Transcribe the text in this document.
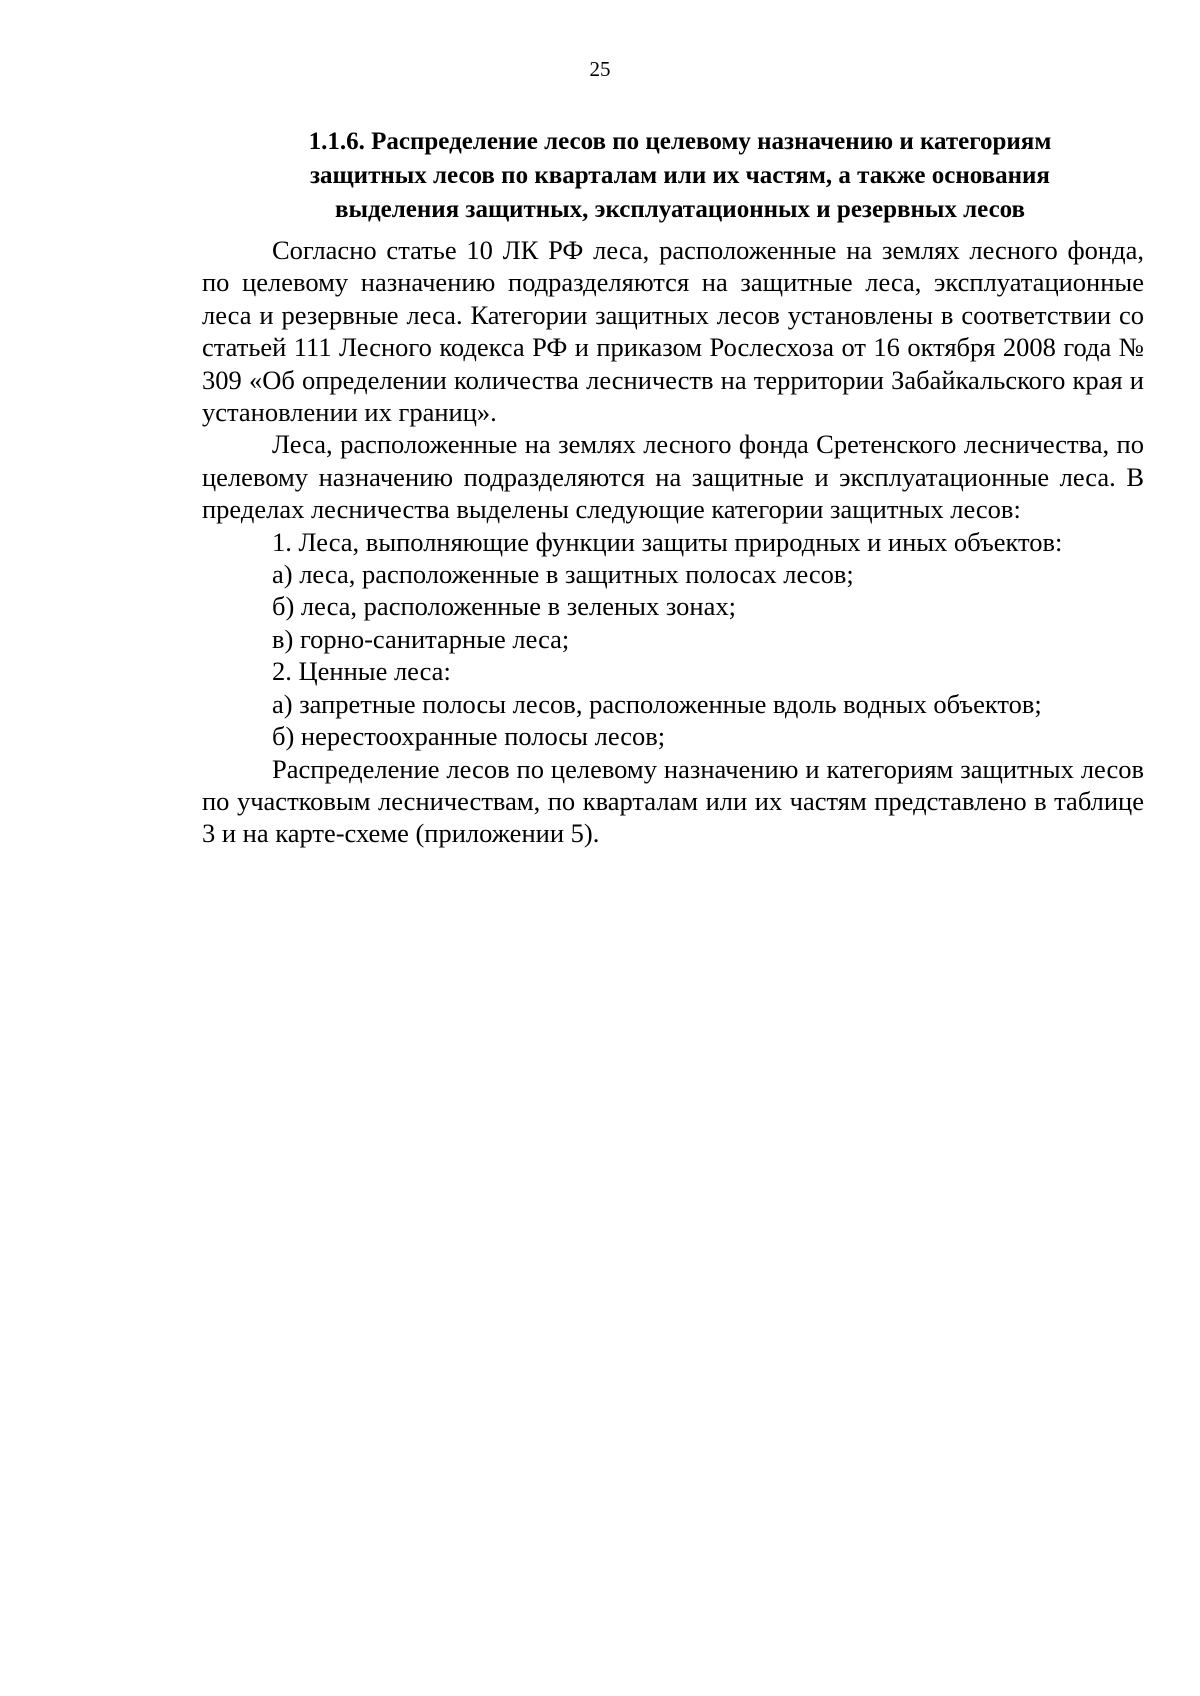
25
1.1.6. Распределение лесов по целевому назначению и категориям
защитных лесов по кварталам или их частям, а также основания
выделения защитных, эксплуатационных и резервных лесов

Согласно статье 10 ЛК РФ леса, расположенные на землях лесного фонда, по целевому назначению подразделяются на защитные леса, эксплуатационные леса и резервные леса. Категории защитных лесов установлены в соответствии со статьей 111 Лесного кодекса РФ и приказом Рослесхоза от 16 октября 2008 года № 309 «Об определении количества лесничеств на территории Забайкальского края и установлении их границ».

Леса, расположенные на землях лесного фонда Сретенского лесничества, по целевому назначению подразделяются на защитные и эксплуатационные леса. В пределах лесничества выделены следующие категории защитных лесов:

1. Леса, выполняющие функции защиты природных и иных объектов:

а) леса, расположенные в защитных полосах лесов;

б) леса, расположенные в зеленых зонах;

в) горно-санитарные леса;

2. Ценные леса:

а) запретные полосы лесов, расположенные вдоль водных объектов;

б) нерестоохранные полосы лесов;

Распределение лесов по целевому назначению и категориям защитных лесов по участковым лесничествам, по кварталам или их частям представлено в таблице 3 и на карте-схеме (приложении 5).
